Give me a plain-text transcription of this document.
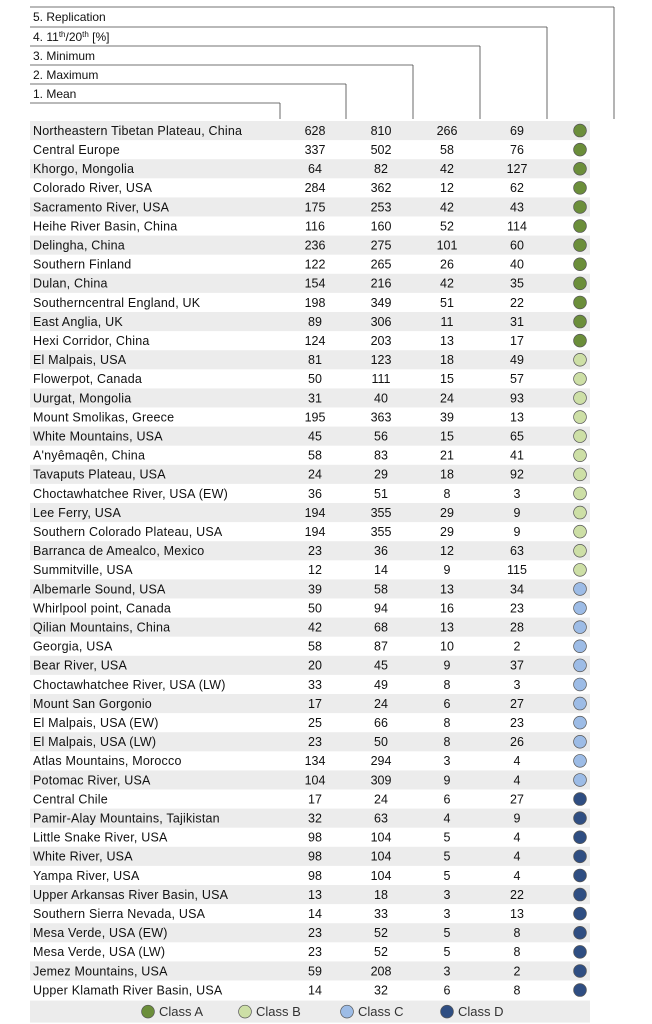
5. Replication
4. 11th/20th [%]
3. Minimum
2. Maximum
1. Mean
Northeastern Tibetan Plateau, China	628	810	266	69
Central Europe	337	502	58	76
Khorgo, Mongolia	64	82	42	127
Colorado River, USA	284	362	12	62
Sacramento River, USA	175	253	42	43
Heihe River Basin, China	116	160	52	114
Delingha, China	236	275	101	60
Southern Finland	122	265	26	40
Dulan, China	154	216	42	35
Southerncentral England, UK	198	349	51	22
East Anglia, UK	89	306	11	31
Hexi Corridor, China	124	203	13	17
El Malpais, USA	81	123	18	49
Flowerpot, Canada	50	111	15	57
Uurgat, Mongolia	31	40	24	93
Mount Smolikas, Greece	195	363	39	13
White Mountains, USA	45	56	15	65
A'nyêmaqên, China	58	83	21	41
Tavaputs Plateau, USA	24	29	18	92
Choctawhatchee River, USA (EW)	36	51	8	3
Lee Ferry, USA	194	355	29	9
Southern Colorado Plateau, USA	194	355	29	9
Barranca de Amealco, Mexico	23	36	12	63
Summitville, USA	12	14	9	115
Albemarle Sound, USA	39	58	13	34
Whirlpool point, Canada	50	94	16	23
Qilian Mountains, China	42	68	13	28
Georgia, USA	58	87	10	2
Bear River, USA	20	45	9	37
Choctawhatchee River, USA (LW)	33	49	8	3
Mount San Gorgonio	17	24	6	27
El Malpais, USA (EW)	25	66	8	23
El Malpais, USA (LW)	23	50	8	26
Atlas Mountains, Morocco	134	294	3	4
Potomac River, USA	104	309	9	4
Central Chile	17	24	6	27
Pamir-Alay Mountains, Tajikistan	32	63	4	9
Little Snake River, USA	98	104	5	4
White River, USA	98	104	5	4
Yampa River, USA	98	104	5	4
Upper Arkansas River Basin, USA	13	18	3	22
Southern Sierra Nevada, USA	14	33	3	13
Mesa Verde, USA (EW)	23	52	5	8
Mesa Verde, USA (LW)	23	52	5	8
Jemez Mountains, USA	59	208	3	2
Upper Klamath River Basin, USA	14	32	6	8
Class A	Class B	Class C	Class D
